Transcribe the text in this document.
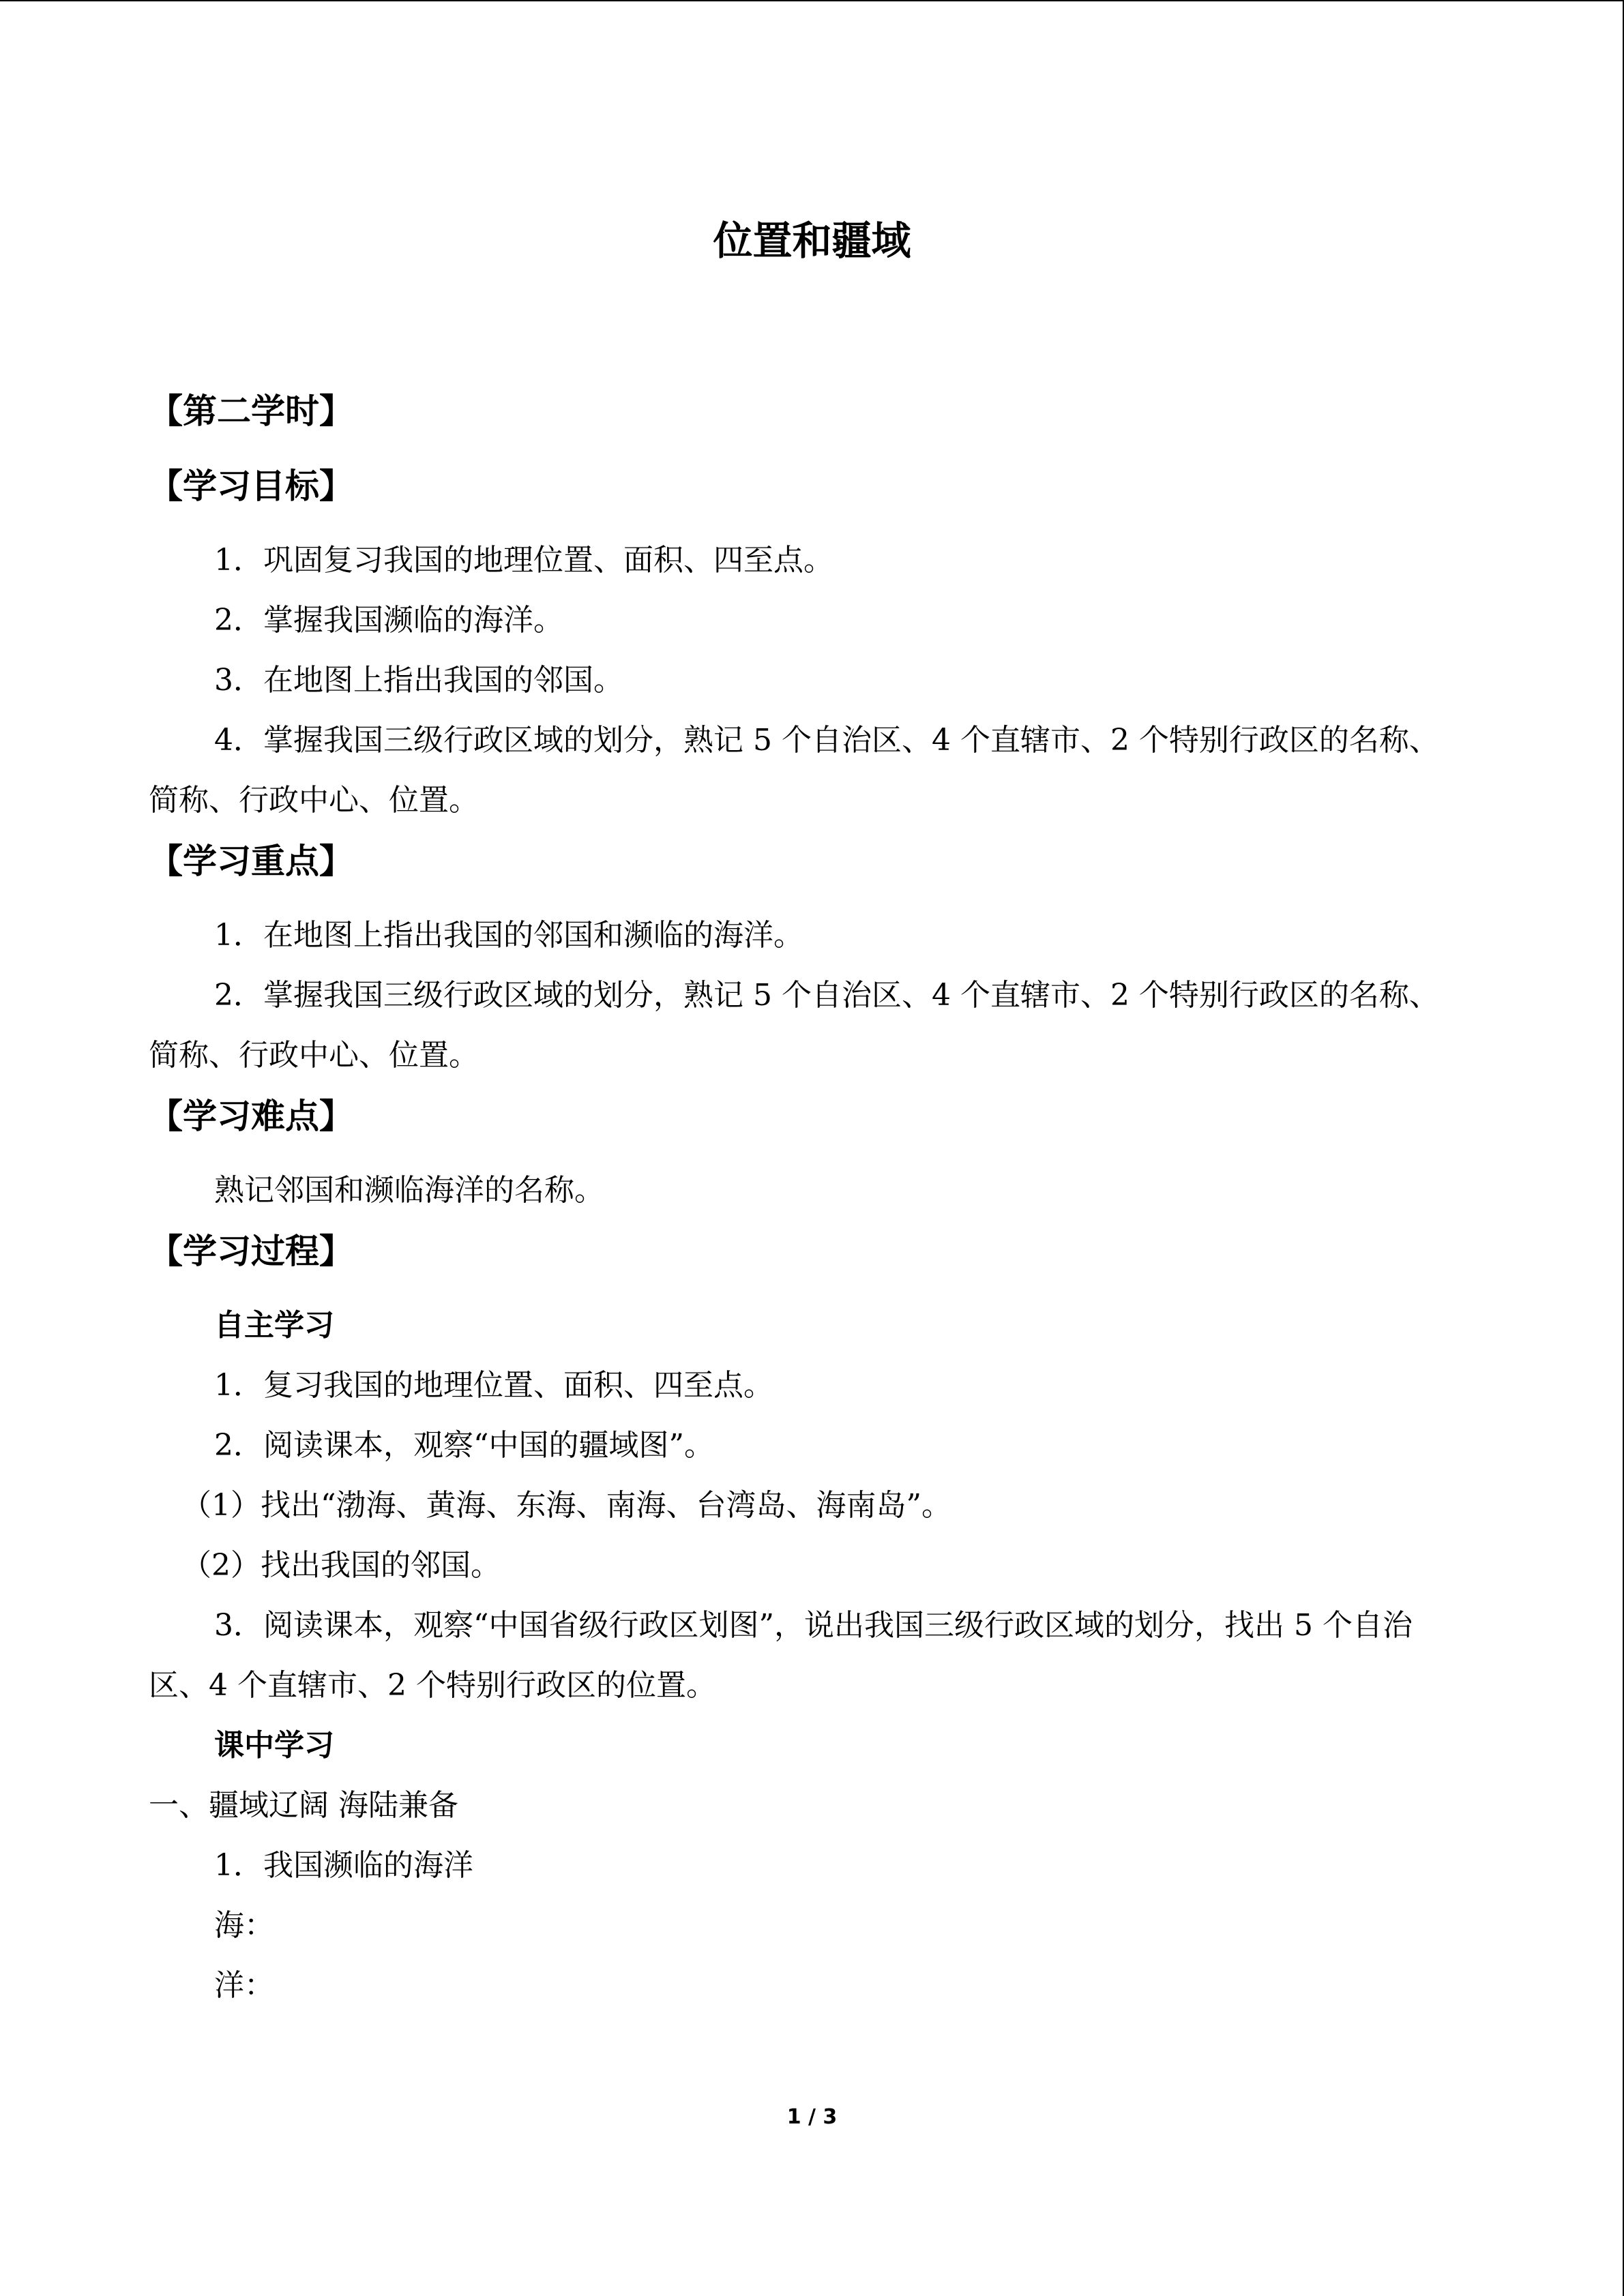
位置和疆域
【第二学时】
【学习目标】

1．巩固复习我国的地理位置、面积、四至点。

2．掌握我国濒临的海洋。

3．在地图上指出我国的邻国。

4．掌握我国三级行政区域的划分，熟记 5 个自治区、4 个直辖市、2 个特别行政区的名称、简称、行政中心、位置。

【学习重点】

1．在地图上指出我国的邻国和濒临的海洋。

2．掌握我国三级行政区域的划分，熟记 5 个自治区、4 个直辖市、2 个特别行政区的名称、简称、行政中心、位置。

【学习难点】

熟记邻国和濒临海洋的名称。

【学习过程】
自主学习

1．复习我国的地理位置、面积、四至点。

2．阅读课本，观察“中国的疆域图”。

（1）找出“渤海、黄海、东海、南海、台湾岛、海南岛”。

（2）找出我国的邻国。

3．阅读课本，观察“中国省级行政区划图”，说出我国三级行政区域的划分，找出 5 个自治区、4 个直辖市、2 个特别行政区的位置。

课中学习

一、疆域辽阔 海陆兼备

1．我国濒临的海洋

海：

洋：

1 / 3
